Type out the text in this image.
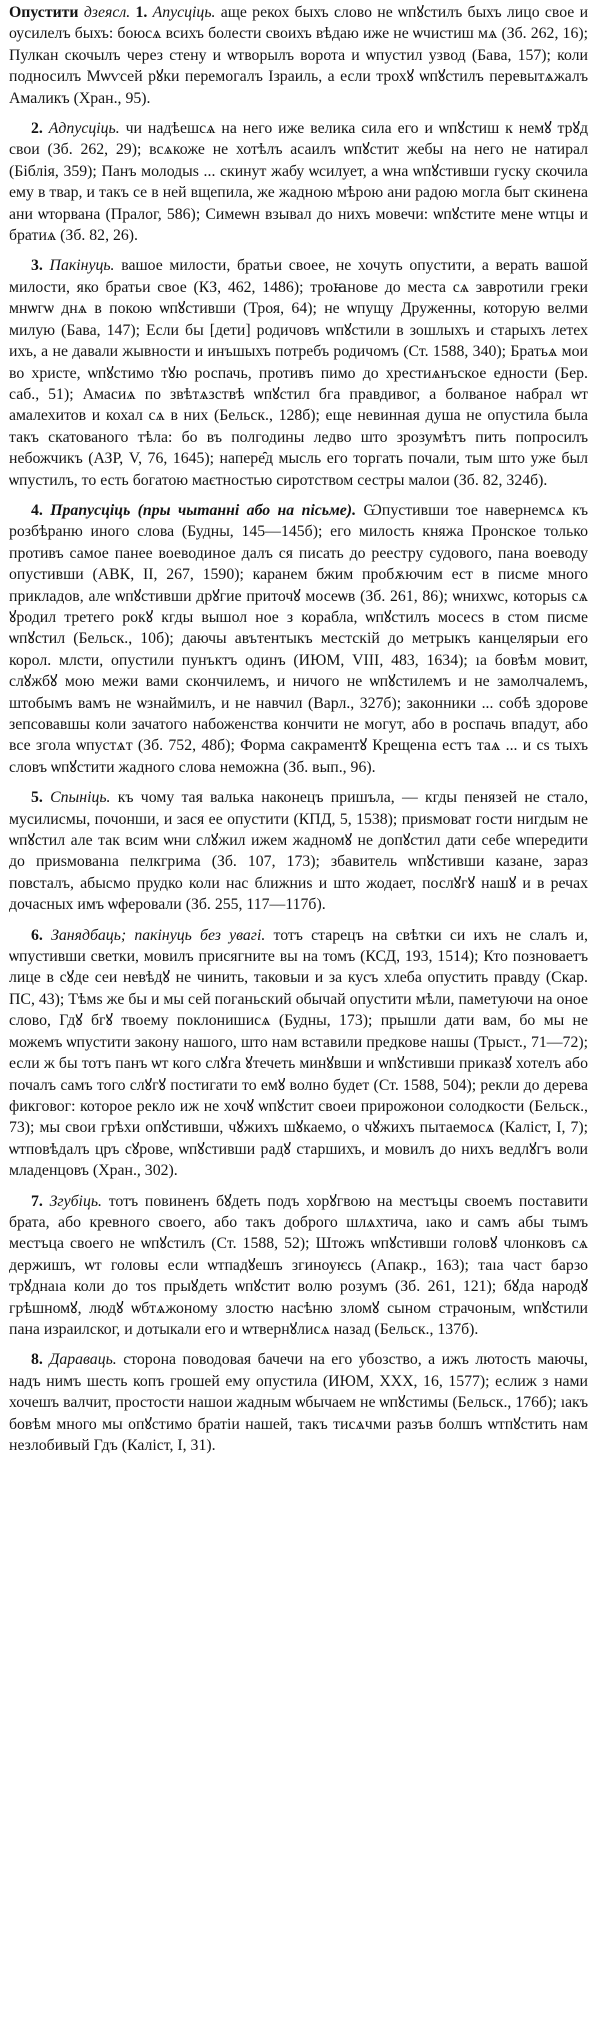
Опустити дзеясл. 1. Апусціць. аще рекох быхъ слово не ѡпꙋстилъ быхъ лицо свое и оусилелъ быхъ: боюсѧ всихъ болести своихъ вѣдаю иже не ѡчистиш мѧ (Зб. 262, 16); Пулкан скочылъ через стену и ѡтворылъ ворота и ѡпустил узвод (Бава, 157); коли подносилъ Мѡѵсей рꙋки перемогалъ Ізраиль, а если трохꙋ ѡпꙋстилъ перевытѧжалъ Амаликъ (Хран., 95).

2. Адпусціць. чи надѣешсѧ на него иже велика сила его и ѡпꙋстиш к немꙋ трꙋд свои (Зб. 262, 29); всѧкоже не хотѣлъ асаилъ ѡпꙋстит жебы на него не натирал (Біблія, 359); Панъ молодыѕ ... скинут жабу ѡсилует, а ѡна ѡпꙋстивши гуску скочила ему в твар, и такъ се в ней вщепила, же жадною мѣрою ани радою могла быт скинена ани ѡторвана (Пралог, 586); Симеѡн взывал до нихъ мовечи: ѡпꙋстите мене ѡтцы и братиѧ (Зб. 82, 26).

3. Пакінуць. вашое милости, братьи своее, не хочуть опустити, а верать вашой милости, яко братьи свое (КЗ, 462, 1486); троꙗнове до места сѧ завротили греки мнѡгѡ днѧ в покою ѡпꙋстивши (Троя, 64); не ѡпущу Друженны, которую велми милую (Бава, 147); Если бы [дети] родичовъ ѡпꙋстили в зошлыхъ и старыхъ летех ихъ, а не давали жывности и инъшыхъ потребъ родичомъ (Ст. 1588, 340); Братьѧ мои во христе, ѡпꙋстимо тꙋю роспачь, противъ пимо до хрестиѧнъское едности (Бер. саб., 51); Амасиѧ по звѣтѧзствѣ ѡпꙋстил бга правдивог, а болваное набрал ѡт амалехитов и кохал сѧ в них (Бельск., 128б); еще невинная душа не опустила была такъ скатованого тѣла: бо въ полгодины ледво што зрозумѣтъ пить попросилъ небожчикъ (АЗР, V, 76, 1645); напере̑д мысль его торгать почали, тым што уже был ѡпустилъ, то есть богатою маєтностью сиротством сестры малои (Зб. 82, 324б).

4. Прапусціць (пры чытанні або на пісьме). Ѡпустивши тое навернемсѧ къ розбѣраню иного слова (Будны, 145—145б); его милость княжа Пронское только противъ самое панее воеводиное далъ ся писать до реестру судового, пана воеводу опустивши (АВК, II, 267, 1590); каранем бжим пробѫючим ест в писме много прикладов, але ѡпꙋстивши дрꙋгие приточꙋ мосеѡв (Зб. 261, 86); ѡнихѡс, которыѕ сѧ ꙋродил третего рокꙋ кгды вышол ное з корабла, ѡпꙋстилъ мосесѕ в стом писме ѡпꙋстил (Бельск., 10б); даючы авътентыкъ местскій до метрыкъ канцелярыи его корол. млсти, опустили пунъктъ одинъ (ИЮМ, VIII, 483, 1634); ıа бовѣм мовит, слꙋжбꙋ мою межи вами скончилемъ, и ничого не ѡпꙋстилемъ и не замолчалемъ, штобымъ вамъ не ѡзнаймилъ, и не навчил (Варл., 327б); законники ... собѣ здорове зепсовавшы коли зачатого набоженства кончити не могут, або в роспачь впадут, або все згола ѡпустѧт (Зб. 752, 48б); Форма сакраментꙋ Крещенıа естъ таѧ ... и сѕ тыхъ словъ ѡпꙋстити жадного слова неможна (Зб. вып., 96).

5. Спыніць. къ чому тая валька наконецъ пришъла, — кгды пенязей не стало, мусилисмы, почонши, и зася ее опустити (КПД, 5, 1538); приѕмоват гости нигдым не ѡпꙋстил але так всим ѡни слꙋжил ижем жадномꙋ не допꙋстил дати себе ѡпередити до приѕмованıа пелкгрима (Зб. 107, 173); збавитель ѡпꙋстивши казане, зараз повсталъ, абысмо прудко коли нас ближниѕ и што жодает, послꙋгꙋ нашꙋ и в речах дочасных имъ ѡферовали (Зб. 255, 117—117б).

6. Занядбаць; пакінуць без увагі. тотъ старецъ на свѣтки си ихъ не слалъ и, ѡпустивши светки, мовилъ присягните вы на томъ (КСД, 193, 1514); Кто позноваетъ лице в сꙋде сеи невѣдꙋ не чинить, таковыи и за кусъ хлеба опустить правду (Скар. ПС, 43); Тѣмѕ же бы и мы сей поганьский обычай опустити мѣли, паметуючи на оное слово, Гдꙋ бгꙋ твоему поклонишисѧ (Будны, 173); прышли дати вам, бо мы не можемъ ѡпустити закону нашого, што нам вставили предкове нашы (Трыст., 71—72); если ж бы тотъ панъ ѡт кого слꙋга ꙋтечеть минꙋвши и ѡпꙋстивши приказꙋ хотелъ або почалъ самъ того слꙋгꙋ постигати то емꙋ волно будет (Ст. 1588, 504); рекли до дерева фикговог: которое рекло иж не хочꙋ ѡпꙋстит своеи прирожонои солодкости (Бельск., 73); мы свои грѣхи опꙋстивши, чꙋжихъ шꙋкаемо, о чꙋжихъ пытаемосѧ (Каліст, I, 7); ѡтповѣдалъ цръ сꙋрове, ѡпꙋстивши радꙋ старшихъ, и мовилъ до нихъ ведлꙋгъ воли младенцовъ (Хран., 302).

7. Згубіць. тотъ повиненъ бꙋдеть подъ хорꙋгвою на местъцы своемъ поставити брата, або кревного своего, або такъ доброго шлѧхтича, ıако и самъ абы тымъ местъца своего не ѡпꙋстилъ (Ст. 1588, 52); Штожъ ѡпꙋстивши головꙋ члонковъ сѧ держишъ, ѡт головы если ѡтпадꙋешъ згиноуѥсь (Апакр., 163); таıа част барзо трꙋднаıа коли до тоѕ прыꙋдеть ѡпꙋстит волю розумъ (Зб. 261, 121); бꙋда народꙋ грѣшномꙋ, людꙋ ѡбтѧжоному злостю насѣню зломꙋ сыном страчоным, ѡпꙋстили пана израилског, и дотыкали его и ѡтвернꙋлисѧ назад (Бельск., 137б).

8. Дараваць. сторона поводовая бачечи на его убозство, а ижъ лютость маючы, надъ нимъ шесть копъ грошей ему опустила (ИЮМ, XXX, 16, 1577); еслиж з нами хочешъ валчит, простости нашои жадным ѡбычаем не ѡпꙋстимы (Бельск., 176б); ıакъ бовѣм много мы опꙋстимо братіи нашей, такъ тисѧчми разъв болшъ ѡтпꙋстить нам незлобивый Гдъ (Каліст, I, 31).
